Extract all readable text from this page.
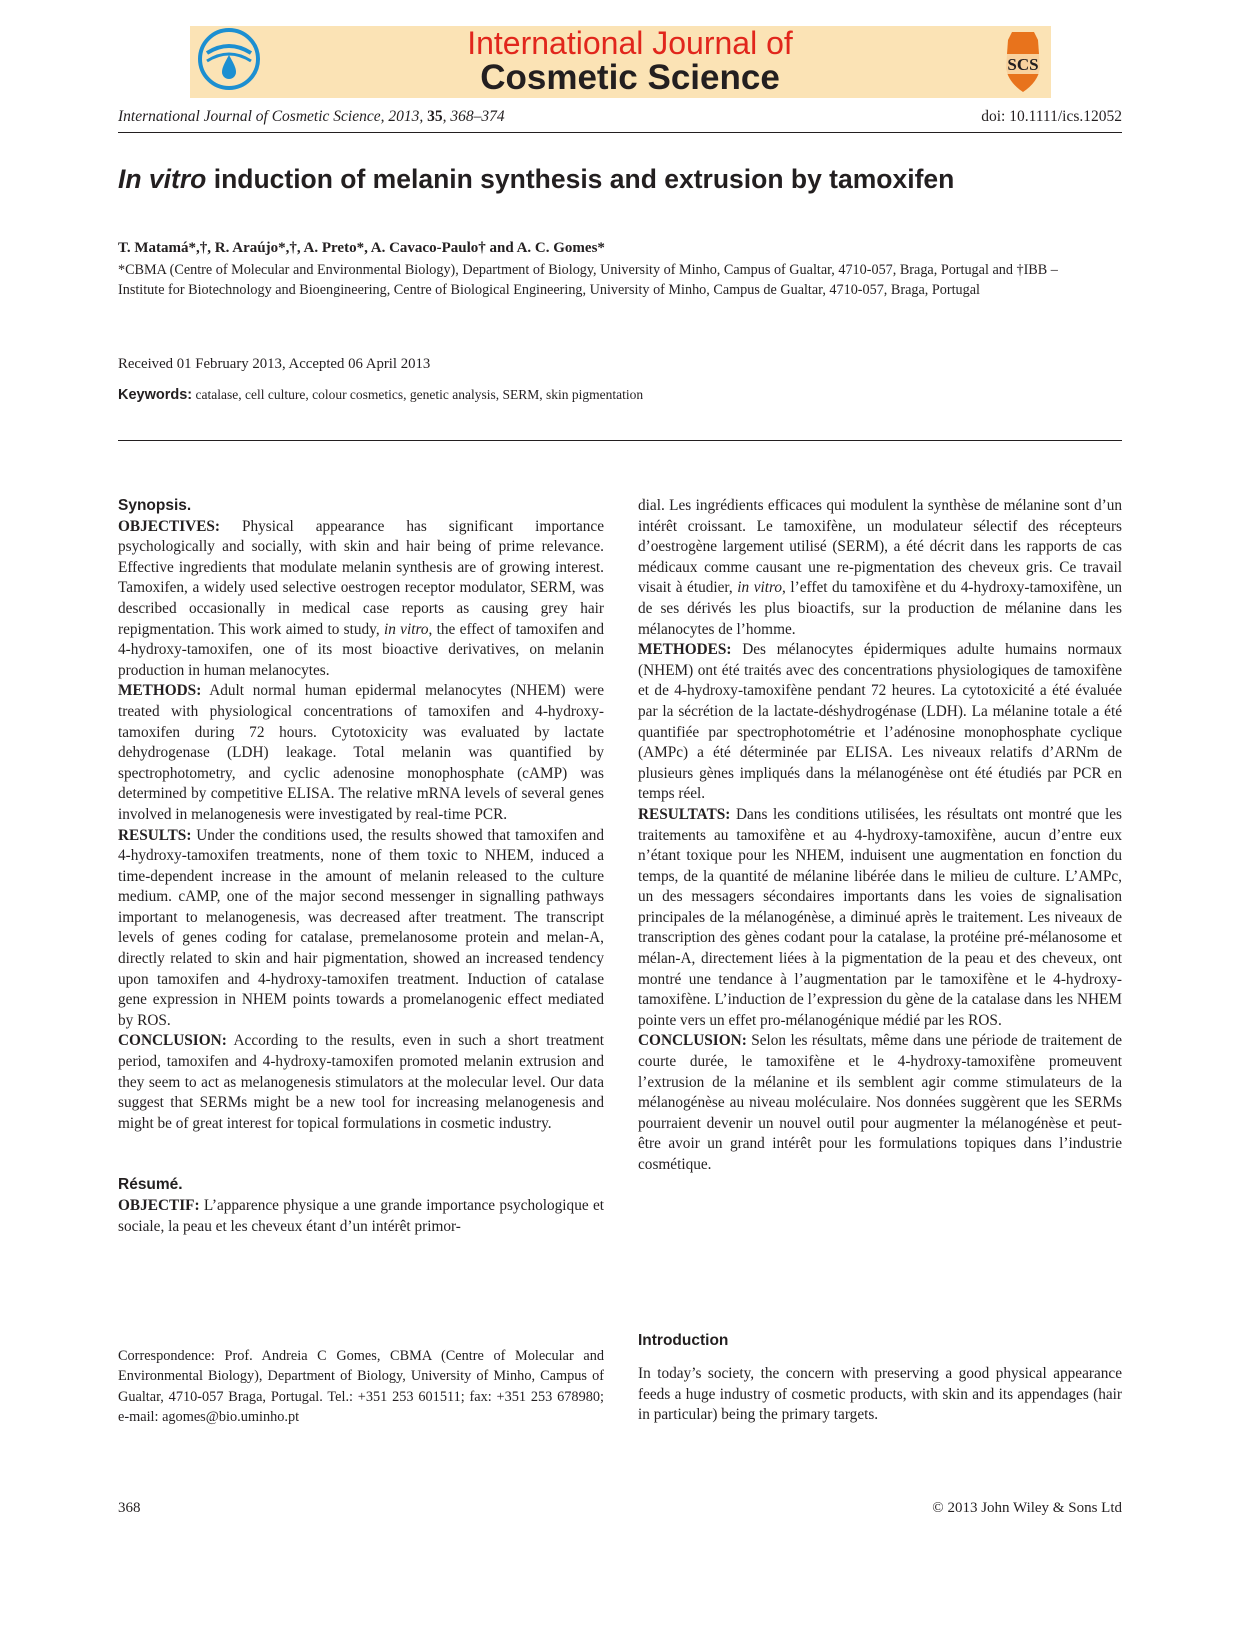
International Journal of
Cosmetic Science	SCS
International Journal of Cosmetic Science, 2013, 35, 368–374	doi: 10.1111/ics.12052
In vitro induction of melanin synthesis and extrusion by tamoxifen
T. Matamá*,†, R. Araújo*,†, A. Preto*, A. Cavaco-Paulo† and A. C. Gomes*
*CBMA (Centre of Molecular and Environmental Biology), Department of Biology, University of Minho, Campus of Gualtar, 4710-057, Braga, Portugal and †IBB – Institute for Biotechnology and Bioengineering, Centre of Biological Engineering, University of Minho, Campus de Gualtar, 4710-057, Braga, Portugal
Received 01 February 2013, Accepted 06 April 2013
Keywords: catalase, cell culture, colour cosmetics, genetic analysis, SERM, skin pigmentation
Synopsis.

OBJECTIVES: Physical appearance has significant importance psychologically and socially, with skin and hair being of prime relevance. Effective ingredients that modulate melanin synthesis are of growing interest. Tamoxifen, a widely used selective oestrogen receptor modulator, SERM, was described occasionally in medical case reports as causing grey hair repigmentation. This work aimed to study, in vitro, the effect of tamoxifen and 4-hydroxy-tamoxifen, one of its most bioactive derivatives, on melanin production in human melanocytes.

METHODS: Adult normal human epidermal melanocytes (NHEM) were treated with physiological concentrations of tamoxifen and 4-hydroxy-tamoxifen during 72 hours. Cytotoxicity was evaluated by lactate dehydrogenase (LDH) leakage. Total melanin was quantified by spectrophotometry, and cyclic adenosine monophosphate (cAMP) was determined by competitive ELISA. The relative mRNA levels of several genes involved in melanogenesis were investigated by real-time PCR.

RESULTS: Under the conditions used, the results showed that tamoxifen and 4-hydroxy-tamoxifen treatments, none of them toxic to NHEM, induced a time-dependent increase in the amount of melanin released to the culture medium. cAMP, one of the major second messenger in signalling pathways important to melanogenesis, was decreased after treatment. The transcript levels of genes coding for catalase, premelanosome protein and melan-A, directly related to skin and hair pigmentation, showed an increased tendency upon tamoxifen and 4-hydroxy-tamoxifen treatment. Induction of catalase gene expression in NHEM points towards a promelanogenic effect mediated by ROS.

CONCLUSION: According to the results, even in such a short treatment period, tamoxifen and 4-hydroxy-tamoxifen promoted melanin extrusion and they seem to act as melanogenesis stimulators at the molecular level. Our data suggest that SERMs might be a new tool for increasing melanogenesis and might be of great interest for topical formulations in cosmetic industry.

Résumé.

OBJECTIF: L’apparence physique a une grande importance psychologique et sociale, la peau et les cheveux étant d’un intérêt primor-

dial. Les ingrédients efficaces qui modulent la synthèse de mélanine sont d’un intérêt croissant. Le tamoxifène, un modulateur sélectif des récepteurs d’oestrogène largement utilisé (SERM), a été décrit dans les rapports de cas médicaux comme causant une re-pigmentation des cheveux gris. Ce travail visait à étudier, in vitro, l’effet du tamoxifène et du 4-hydroxy-tamoxifène, un de ses dérivés les plus bioactifs, sur la production de mélanine dans les mélanocytes de l’homme.

METHODES: Des mélanocytes épidermiques adulte humains normaux (NHEM) ont été traités avec des concentrations physiologiques de tamoxifène et de 4-hydroxy-tamoxifène pendant 72 heures. La cytotoxicité a été évaluée par la sécrétion de la lactate-déshydrogénase (LDH). La mélanine totale a été quantifiée par spectrophotométrie et l’adénosine monophosphate cyclique (AMPc) a été déterminée par ELISA. Les niveaux relatifs d’ARNm de plusieurs gènes impliqués dans la mélanogénèse ont été étudiés par PCR en temps réel.

RESULTATS: Dans les conditions utilisées, les résultats ont montré que les traitements au tamoxifène et au 4-hydroxy-tamoxifène, aucun d’entre eux n’étant toxique pour les NHEM, induisent une augmentation en fonction du temps, de la quantité de mélanine libérée dans le milieu de culture. L’AMPc, un des messagers sécondaires importants dans les voies de signalisation principales de la mélanogénèse, a diminué après le traitement. Les niveaux de transcription des gènes codant pour la catalase, la protéine pré-mélanosome et mélan-A, directement liées à la pigmentation de la peau et des cheveux, ont montré une tendance à l’augmentation par le tamoxifène et le 4-hydroxy-tamoxifène. L’induction de l’expression du gène de la catalase dans les NHEM pointe vers un effet pro-mélanogénique médié par les ROS.

CONCLUSION: Selon les résultats, même dans une période de traitement de courte durée, le tamoxifène et le 4-hydroxy-tamoxifène promeuvent l’extrusion de la mélanine et ils semblent agir comme stimulateurs de la mélanogénèse au niveau moléculaire. Nos données suggèrent que les SERMs pourraient devenir un nouvel outil pour augmenter la mélanogénèse et peut-être avoir un grand intérêt pour les formulations topiques dans l’industrie cosmétique.

Correspondence: Prof. Andreia C Gomes, CBMA (Centre of Molecular and Environmental Biology), Department of Biology, University of Minho, Campus of Gualtar, 4710-057 Braga, Portugal. Tel.: +351 253 601511; fax: +351 253 678980; e-mail: agomes@bio.uminho.pt
Introduction
In today’s society, the concern with preserving a good physical appearance feeds a huge industry of cosmetic products, with skin and its appendages (hair in particular) being the primary targets.
368	© 2013 John Wiley & Sons Ltd
